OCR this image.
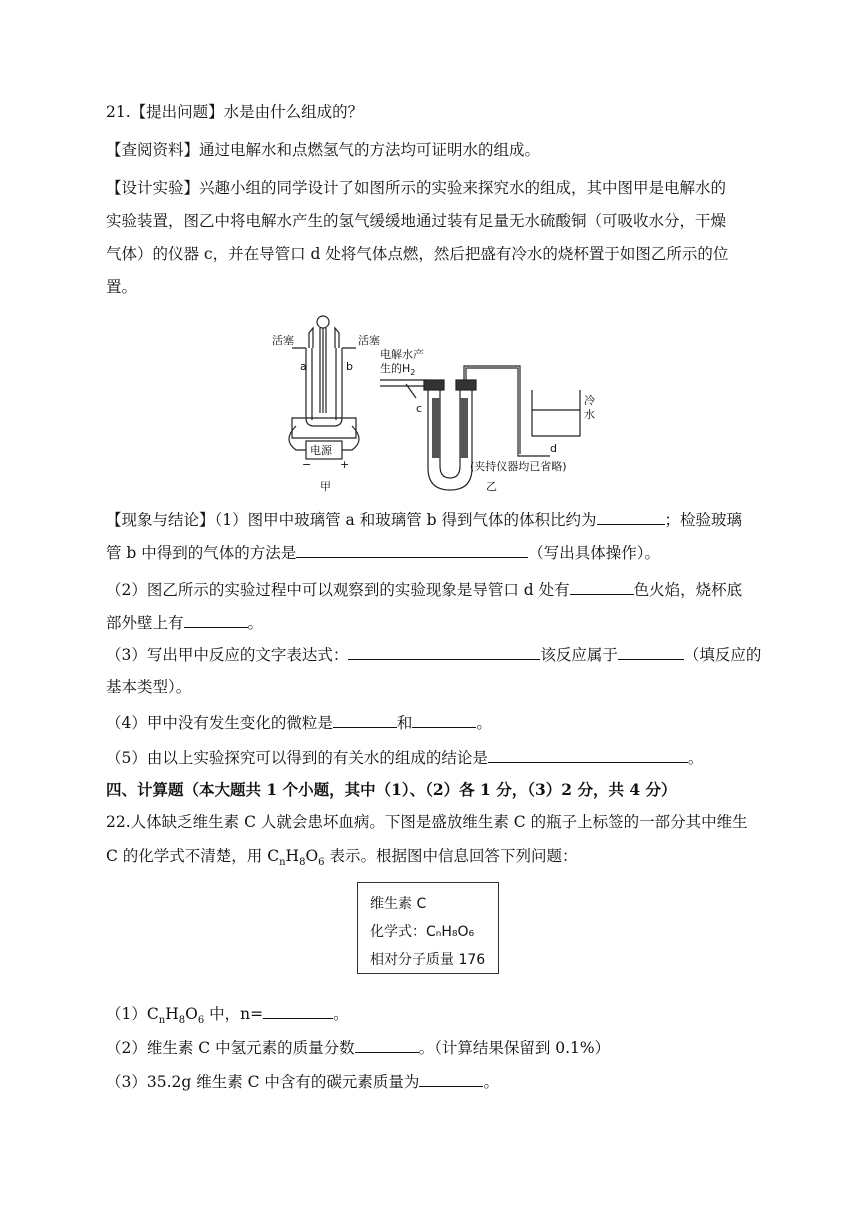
21.【提出问题】水是由什么组成的？
【查阅资料】通过电解水和点燃氢气的方法均可证明水的组成。
【设计实验】兴趣小组的同学设计了如图所示的实验来探究水的组成，其中图甲是电解水的
实验装置，图乙中将电解水产生的氢气缓缓地通过装有足量无水硫酸铜（可吸收水分，干燥
气体）的仪器 c，并在导管口 d 处将气体点燃，然后把盛有冷水的烧杯置于如图乙所示的位
置。
活塞	活塞
a	b
电源
−	+
甲	乙
电解水产
生的$H_2$
c
d
冷
水
(夹持仪器均已省略)
【现象与结论】（1）图甲中玻璃管 a 和玻璃管 b 得到气体的体积比约为	；检验玻璃
管 b 中得到的气体的方法是	（写出具体操作）。
（2）图乙所示的实验过程中可以观察到的实验现象是导管口 d 处有	色火焰，烧杯底
部外壁上有	。
（3）写出甲中反应的文字表达式：	该反应属于	（填反应的
基本类型）。
（4）甲中没有发生变化的微粒是	和	。
（5）由以上实验探究可以得到的有关水的组成的结论是	。
四、计算题（本大题共 1 个小题，其中（1）、（2）各 1 分，（3）2 分，共 4 分）
22.人体缺乏维生素 C 人就会患坏血病。下图是盛放维生素 C 的瓶子上标签的一部分其中维生
C 的化学式不清楚，用 $C_nH_8O_6$ 表示。根据图中信息回答下列问题：
维生素 C
化学式：CₙH₈O₆
相对分子质量 176
$(1)C_nH_8O_6$ 中，n=	。
（2）维生素 C 中氢元素的质量分数	。（计算结果保留到 0.1%）
（3）35.2g 维生素 C 中含有的碳元素质量为	。
